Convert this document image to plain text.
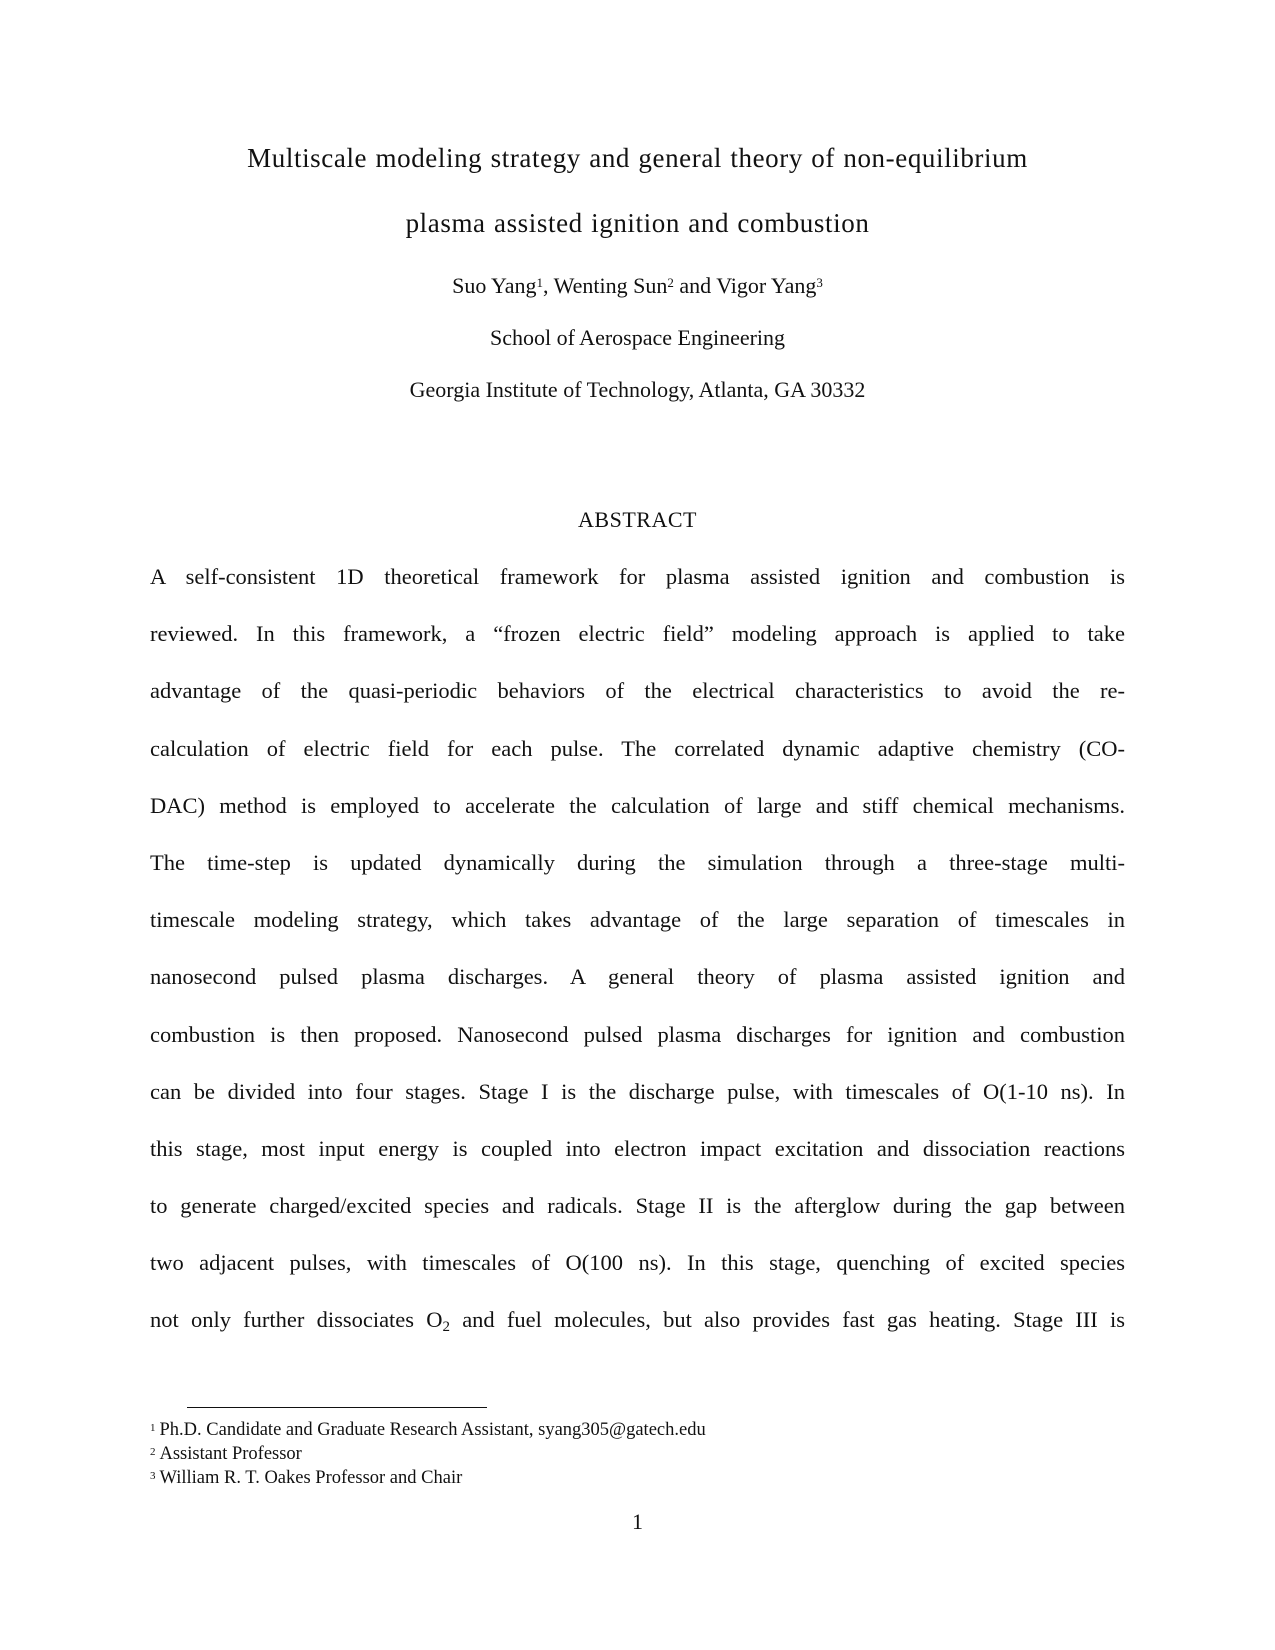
Multiscale modeling strategy and general theory of non-equilibrium
plasma assisted ignition and combustion
Suo Yang$^1$, Wenting Sun$^2$ and Vigor Yang$^3$
School of Aerospace Engineering
Georgia Institute of Technology, Atlanta, GA 30332
ABSTRACT
A self-consistent 1D theoretical framework for plasma assisted ignition and combustion is
reviewed. In this framework, a “frozen electric field” modeling approach is applied to take
advantage of the quasi-periodic behaviors of the electrical characteristics to avoid the re-
calculation of electric field for each pulse. The correlated dynamic adaptive chemistry (CO-
DAC) method is employed to accelerate the calculation of large and stiff chemical mechanisms.
The time-step is updated dynamically during the simulation through a three-stage multi-
timescale modeling strategy, which takes advantage of the large separation of timescales in
nanosecond pulsed plasma discharges. A general theory of plasma assisted ignition and
combustion is then proposed. Nanosecond pulsed plasma discharges for ignition and combustion
can be divided into four stages. Stage I is the discharge pulse, with timescales of O(1-10 ns). In
this stage, most input energy is coupled into electron impact excitation and dissociation reactions
to generate charged/excited species and radicals. Stage II is the afterglow during the gap between
two adjacent pulses, with timescales of O(100 ns). In this stage, quenching of excited species
not only further dissociates $O_2$ and fuel molecules, but also provides fast gas heating. Stage III is
$^1$ Ph.D. Candidate and Graduate Research Assistant, syang305@gatech.edu
$^2$ Assistant Professor
$^3$ William R. T. Oakes Professor and Chair
1
